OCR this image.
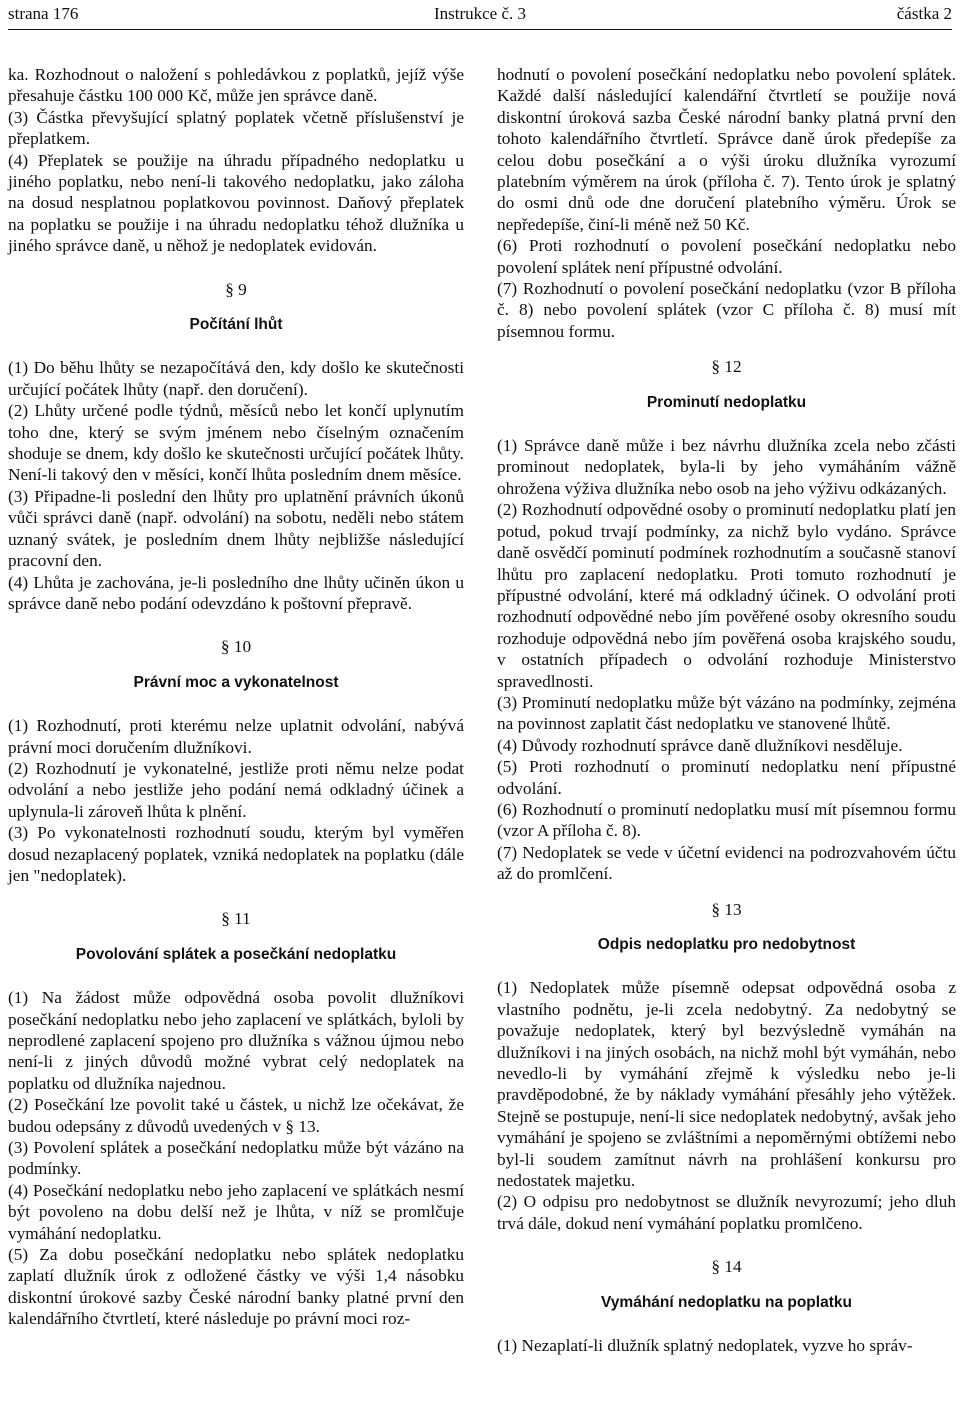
strana 176	Instrukce č. 3	částka 2

ka. Rozhodnout o naložení s pohledávkou z poplatků, jejíž výše přesahuje částku 100 000 Kč, může jen správce daně.

(3) Částka převyšující splatný poplatek včetně příslušenství je přeplatkem.

(4) Přeplatek se použije na úhradu případného nedoplatku u jiného poplatku, nebo není-li takového nedoplatku, jako záloha na dosud nesplatnou poplatkovou povinnost. Daňový přeplatek na poplatku se použije i na úhradu nedoplatku téhož dlužníka u jiného správce daně, u něhož je nedoplatek evidován.

§ 9

Počítání lhůt

(1) Do běhu lhůty se nezapočítává den, kdy došlo ke skutečnosti určující počátek lhůty (např. den doručení).

(2) Lhůty určené podle týdnů, měsíců nebo let končí uplynutím toho dne, který se svým jménem nebo číselným označením shoduje se dnem, kdy došlo ke skutečnosti určující počátek lhůty. Není-li takový den v měsíci, končí lhůta posledním dnem měsíce.

(3) Připadne-li poslední den lhůty pro uplatnění právních úkonů vůči správci daně (např. odvolání) na sobotu, neděli nebo státem uznaný svátek, je posledním dnem lhůty nejbližše následující pracovní den.

(4) Lhůta je zachována, je-li posledního dne lhůty učiněn úkon u správce daně nebo podání odevzdáno k poštovní přepravě.

§ 10

Právní moc a vykonatelnost

(1) Rozhodnutí, proti kterému nelze uplatnit odvolání, nabývá právní moci doručením dlužníkovi.

(2) Rozhodnutí je vykonatelné, jestliže proti němu nelze podat odvolání a nebo jestliže jeho podání nemá odkladný účinek a uplynula-li zároveň lhůta k plnění.

(3) Po vykonatelnosti rozhodnutí soudu, kterým byl vyměřen dosud nezaplacený poplatek, vzniká nedoplatek na poplatku (dále jen "nedoplatek).

§ 11

Povolování splátek a posečkání nedoplatku

(1) Na žádost může odpovědná osoba povolit dlužníkovi posečkání nedoplatku nebo jeho zaplacení ve splátkách, byloli by neprodlené zaplacení spojeno pro dlužníka s vážnou újmou nebo není-li z jiných důvodů možné vybrat celý nedoplatek na poplatku od dlužníka najednou.

(2) Posečkání lze povolit také u částek, u nichž lze očekávat, že budou odepsány z důvodů uvedených v § 13.

(3) Povolení splátek a posečkání nedoplatku může být vázáno na podmínky.

(4) Posečkání nedoplatku nebo jeho zaplacení ve splátkách nesmí být povoleno na dobu delší než je lhůta, v níž se promlčuje vymáhání nedoplatku.

(5) Za dobu posečkání nedoplatku nebo splátek nedoplatku zaplatí dlužník úrok z odložené částky ve výši 1,4 násobku diskontní úrokové sazby České národní banky platné první den kalendářního čtvrtletí, které následuje po právní moci roz-

hodnutí o povolení posečkání nedoplatku nebo povolení splátek. Každé další následující kalendářní čtvrtletí se použije nová diskontní úroková sazba České národní banky platná první den tohoto kalendářního čtvrtletí. Správce daně úrok předepíše za celou dobu posečkání a o výši úroku dlužníka vyrozumí platebním výměrem na úrok (příloha č. 7). Tento úrok je splatný do osmi dnů ode dne doručení platebního výměru. Úrok se nepředepíše, činí-li méně než 50 Kč.

(6) Proti rozhodnutí o povolení posečkání nedoplatku nebo povolení splátek není přípustné odvolání.

(7) Rozhodnutí o povolení posečkání nedoplatku (vzor B příloha č. 8) nebo povolení splátek (vzor C příloha č. 8) musí mít písemnou formu.

§ 12

Prominutí nedoplatku

(1) Správce daně může i bez návrhu dlužníka zcela nebo zčásti prominout nedoplatek, byla-li by jeho vymáháním vážně ohrožena výživa dlužníka nebo osob na jeho výživu odkázaných.

(2) Rozhodnutí odpovědné osoby o prominutí nedoplatku platí jen potud, pokud trvají podmínky, za nichž bylo vydáno. Správce daně osvědčí pominutí podmínek rozhodnutím a současně stanoví lhůtu pro zaplacení nedoplatku. Proti tomuto rozhodnutí je přípustné odvolání, které má odkladný účinek. O odvolání proti rozhodnutí odpovědné nebo jím pověřené osoby okresního soudu rozhoduje odpovědná nebo jím pověřená osoba krajského soudu, v ostatních případech o odvolání rozhoduje Ministerstvo spravedlnosti.

(3) Prominutí nedoplatku může být vázáno na podmínky, zejména na povinnost zaplatit část nedoplatku ve stanovené lhůtě.

(4) Důvody rozhodnutí správce daně dlužníkovi nesděluje.

(5) Proti rozhodnutí o prominutí nedoplatku není přípustné odvolání.

(6) Rozhodnutí o prominutí nedoplatku musí mít písemnou formu (vzor A příloha č. 8).

(7) Nedoplatek se vede v účetní evidenci na podrozvahovém účtu až do promlčení.

§ 13

Odpis nedoplatku pro nedobytnost

(1) Nedoplatek může písemně odepsat odpovědná osoba z vlastního podnětu, je-li zcela nedobytný. Za nedobytný se považuje nedoplatek, který byl bezvýsledně vymáhán na dlužníkovi i na jiných osobách, na nichž mohl být vymáhán, nebo nevedlo-li by vymáhání zřejmě k výsledku nebo je-li pravděpodobné, že by náklady vymáhání přesáhly jeho výtěžek. Stejně se postupuje, není-li sice nedoplatek nedobytný, avšak jeho vymáhání je spojeno se zvláštními a nepoměrnými obtížemi nebo byl-li soudem zamítnut návrh na prohlášení konkursu pro nedostatek majetku.

(2) O odpisu pro nedobytnost se dlužník nevyrozumí; jeho dluh trvá dále, dokud není vymáhání poplatku promlčeno.

§ 14

Vymáhání nedoplatku na poplatku

(1) Nezaplatí-li dlužník splatný nedoplatek, vyzve ho správ-
